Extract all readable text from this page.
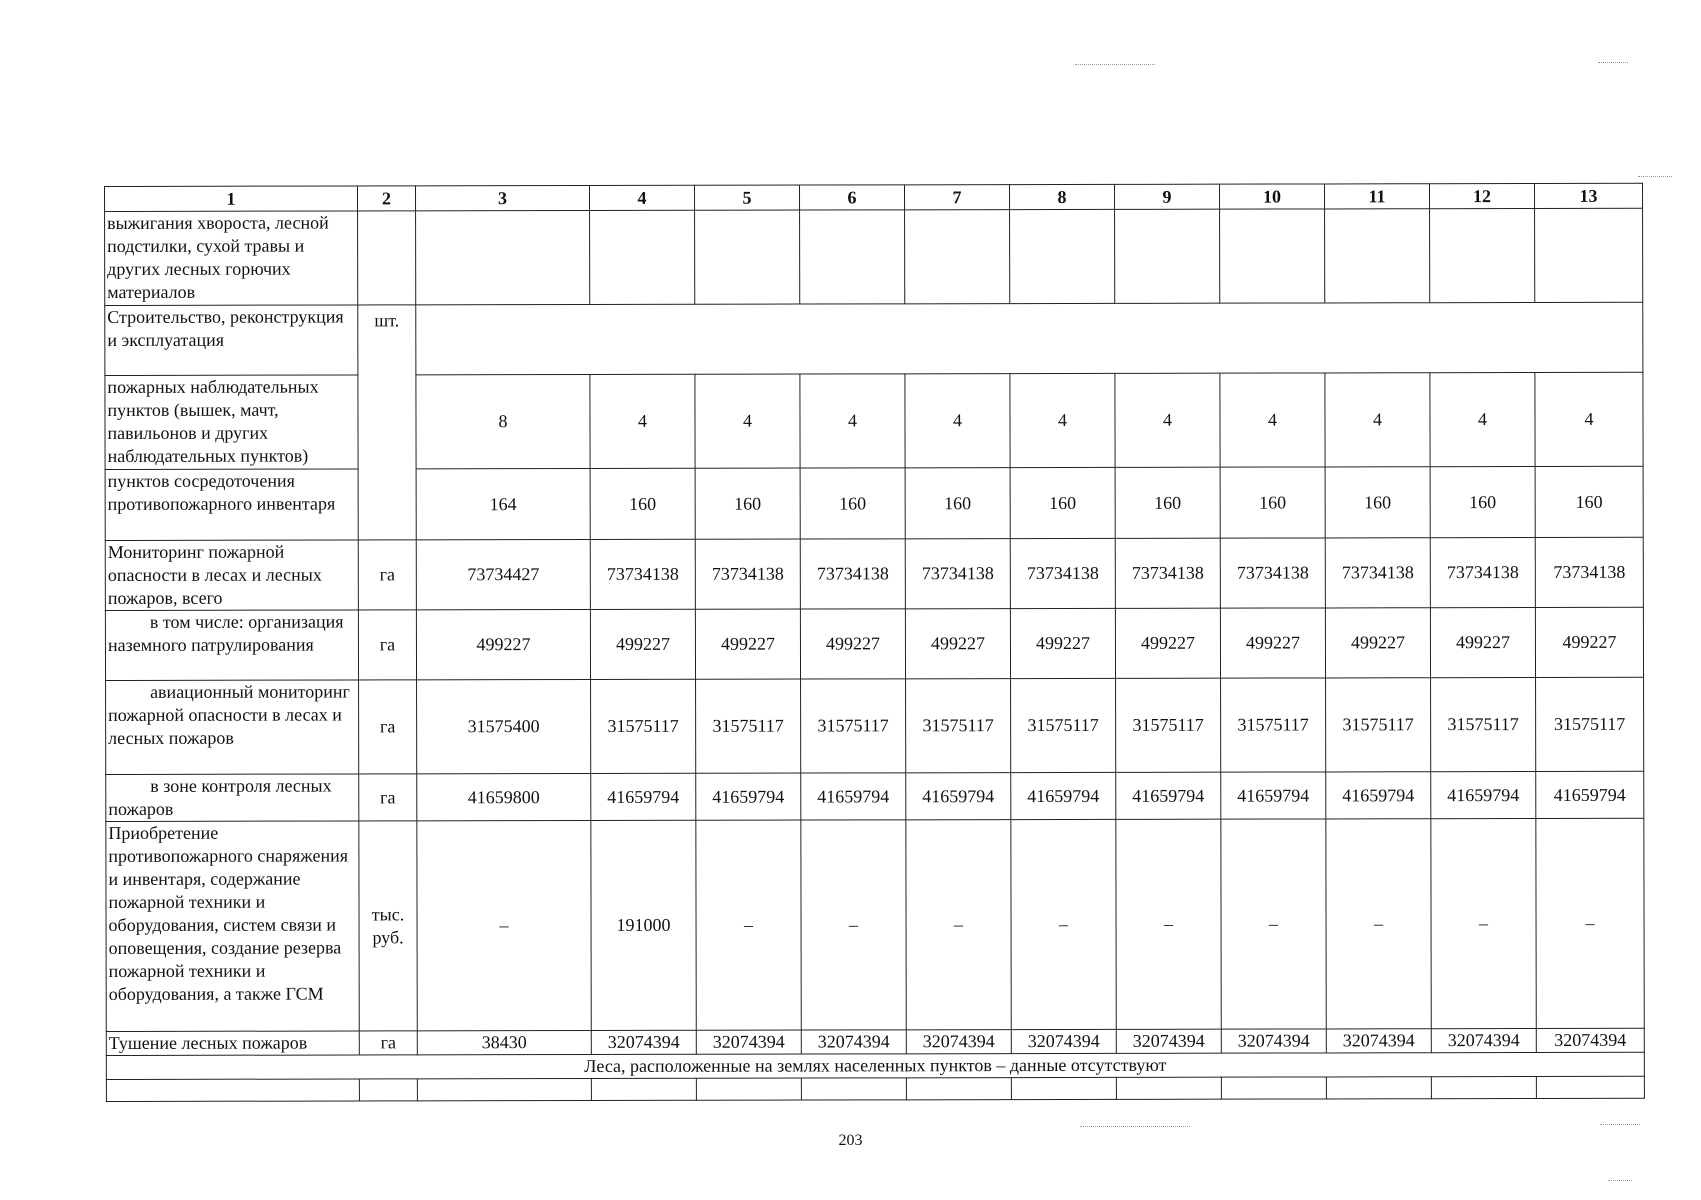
1	2	3	4	5	6	7	8	9	10	11	12	13
выжигания хвороста, лесной подстилки, сухой травы и других лесных горючих материалов												
Строительство, реконструкция и эксплуатация	шт.											
пожарных наблюдательных пунктов (вышек, мачт, павильонов и других наблюдательных пунктов)		8	4	4	4	4	4	4	4	4	4	4
пунктов сосредоточения противопожарного инвентаря		164	160	160	160	160	160	160	160	160	160	160
Мониторинг пожарной опасности в лесах и лесных пожаров, всего	га	73734427	73734138	73734138	73734138	73734138	73734138	73734138	73734138	73734138	73734138	73734138
в том числе: организация наземного патрулирования	га	499227	499227	499227	499227	499227	499227	499227	499227	499227	499227	499227
авиационный мониторинг пожарной опасности в лесах и лесных пожаров	га	31575400	31575117	31575117	31575117	31575117	31575117	31575117	31575117	31575117	31575117	31575117
в зоне контроля лесных пожаров	га	41659800	41659794	41659794	41659794	41659794	41659794	41659794	41659794	41659794	41659794	41659794
Приобретение противопожарного снаряжения и инвентаря, содержание пожарной техники и оборудования, систем связи и оповещения, создание резерва пожарной техники и оборудования, а также ГСМ	тыс. руб.	–	191000	–	–	–	–	–	–	–	–	–
Тушение лесных пожаров	га	38430	32074394	32074394	32074394	32074394	32074394	32074394	32074394	32074394	32074394	32074394
Леса, расположенные на землях населенных пунктов – данные отсутствуют												

203
